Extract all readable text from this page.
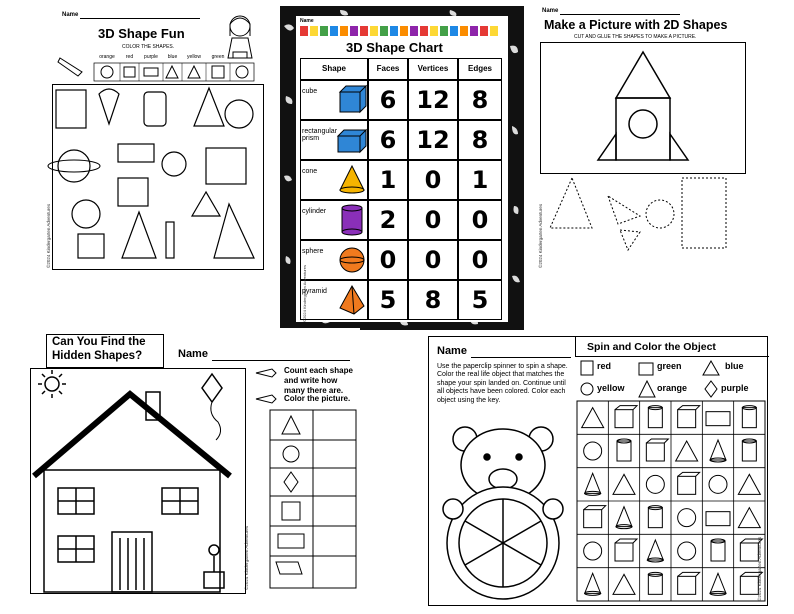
Name
3D Shape Fun
COLOR THE SHAPES.
orange	red	purple	blue	yellow	green
©2024 Kindergarten Adventures
Name
3D Shape Chart
Shape	Faces	Vertices	Edges
cube	6 12 8
rectangular prism	6 12 8
cone	1	0	1
cylinder	2	0	0
sphere	0	0	0
pyramid	5	8	5
©2024 Kindergarten Adventures
Name
Make a Picture with 2D Shapes
CUT AND GLUE THE SHAPES TO MAKE A PICTURE.
©2024 Kindergarten Adventures
Can You Find the
Hidden Shapes?	Name
Count each shape and write how many there are.
Color the picture.
©2024 Kindergarten Adventures
Name	Spin and Color the Object
Use the paperclip spinner to spin a shape. Color the real life object that matches the shape your spin landed on. Continue until all objects have been colored. Color each object using the key.
red	green	blue
yellow	orange	purple
©2024 Kindergarten Adventures
